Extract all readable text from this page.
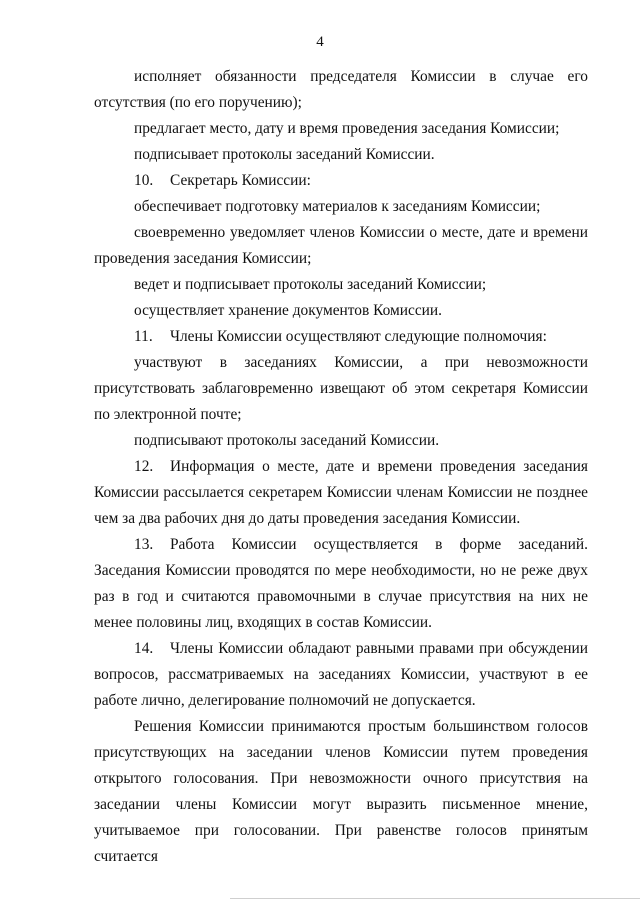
4

исполняет обязанности председателя Комиссии в случае его отсутствия (по его поручению);

предлагает место, дату и время проведения заседания Комиссии;

подписывает протоколы заседаний Комиссии.

10. Секретарь Комиссии:

обеспечивает подготовку материалов к заседаниям Комиссии;

своевременно уведомляет членов Комиссии о месте, дате и времени проведения заседания Комиссии;

ведет и подписывает протоколы заседаний Комиссии;

осуществляет хранение документов Комиссии.

11. Члены Комиссии осуществляют следующие полномочия:

участвуют в заседаниях Комиссии, а при невозможности присутствовать заблаговременно извещают об этом секретаря Комиссии по электронной почте;

подписывают протоколы заседаний Комиссии.

12. Информация о месте, дате и времени проведения заседания Комиссии рассылается секретарем Комиссии членам Комиссии не позднее чем за два рабочих дня до даты проведения заседания Комиссии.

13. Работа Комиссии осуществляется в форме заседаний. Заседания Комиссии проводятся по мере необходимости, но не реже двух раз в год и считаются правомочными в случае присутствия на них не менее половины лиц, входящих в состав Комиссии.

14. Члены Комиссии обладают равными правами при обсуждении вопросов, рассматриваемых на заседаниях Комиссии, участвуют в ее работе лично, делегирование полномочий не допускается.

Решения Комиссии принимаются простым большинством голосов присутствующих на заседании членов Комиссии путем проведения открытого голосования. При невозможности очного присутствия на заседании члены Комиссии могут выразить письменное мнение, учитываемое при голосовании. При равенстве голосов принятым считается
